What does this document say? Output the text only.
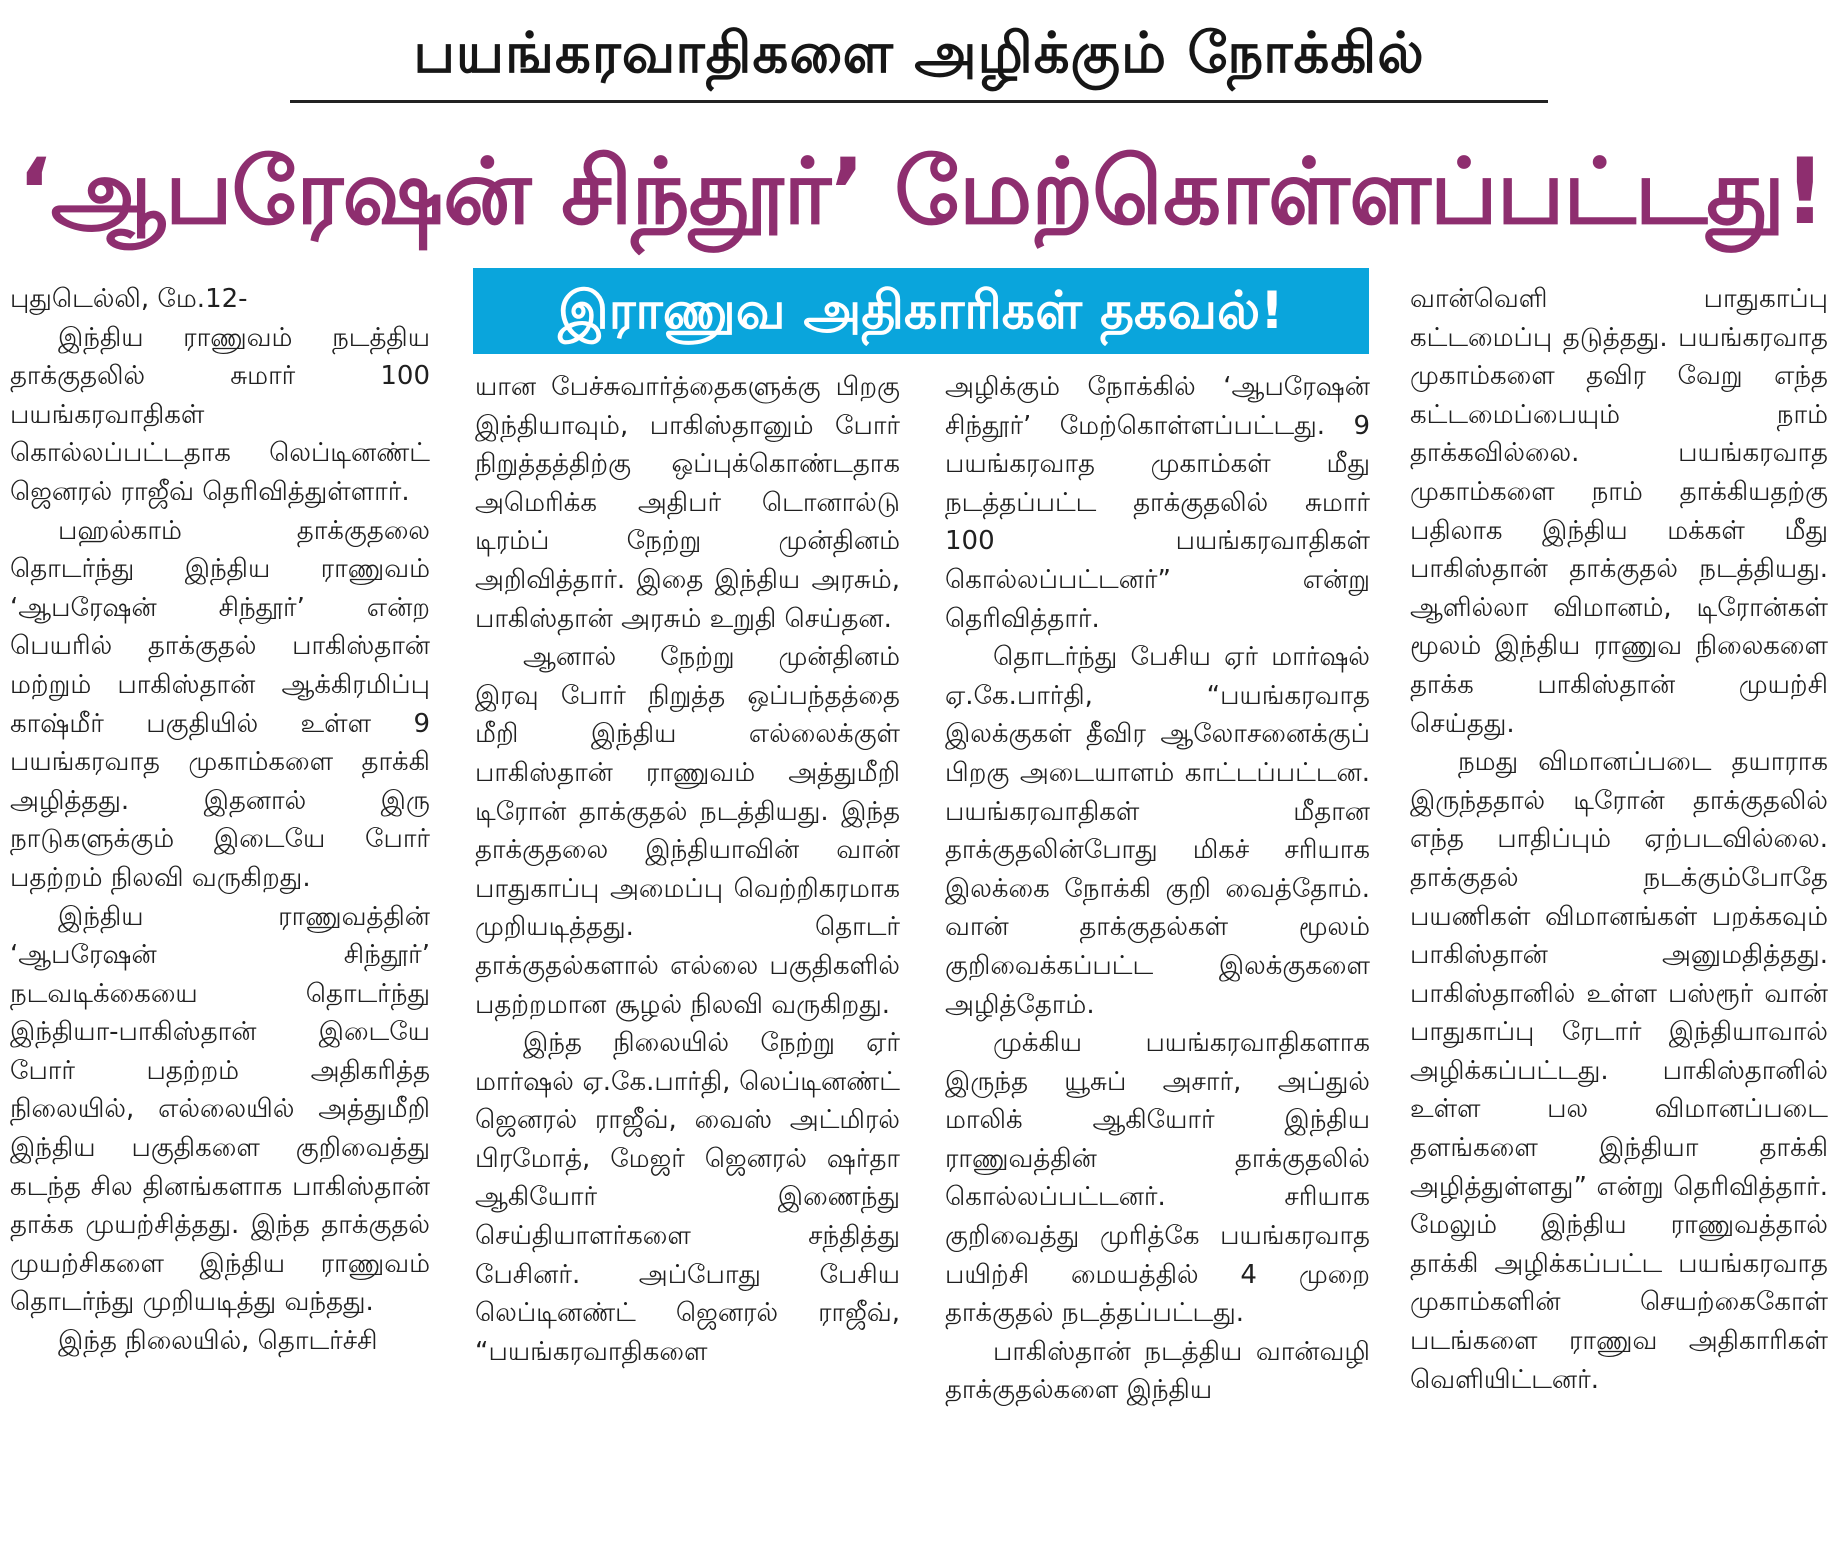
பயங்கரவாதிகளை அழிக்கும் நோக்கில்
‘ஆபரேஷன் சிந்தூர்’ மேற்கொள்ளப்பட்டது!
இராணுவ அதிகாரிகள் தகவல்!

புதுடெல்லி, மே.12-

இந்திய ராணுவம் நடத்திய தாக்குதலில் சுமார் 100 பயங்கரவாதிகள் கொல்லப்பட்டதாக லெப்டினண்ட் ஜெனரல் ராஜீவ் தெரிவித்துள்ளார்.

பஹல்காம் தாக்குதலை தொடர்ந்து இந்திய ராணுவம் ‘ஆபரேஷன் சிந்தூர்’ என்ற பெயரில் தாக்குதல் பாகிஸ்தான் மற்றும் பாகிஸ்தான் ஆக்கிரமிப்பு காஷ்மீர் பகுதியில் உள்ள 9 பயங்கரவாத முகாம்களை தாக்கி அழித்தது. இதனால் இரு நாடுகளுக்கும் இடையே போர் பதற்றம் நிலவி வருகிறது.

இந்திய ராணுவத்தின் ‘ஆபரேஷன் சிந்தூர்’ நடவடிக்கையை தொடர்ந்து இந்தியா-பாகிஸ்தான் இடையே போர் பதற்றம் அதிகரித்த நிலையில், எல்லையில் அத்துமீறி இந்திய பகுதிகளை குறிவைத்து கடந்த சில தினங்களாக பாகிஸ்தான் தாக்க முயற்சித்தது. இந்த தாக்குதல் முயற்சிகளை இந்திய ராணுவம் தொடர்ந்து முறியடித்து வந்தது.

இந்த நிலையில், தொடர்ச்சி

யான பேச்சுவார்த்தைகளுக்கு பிறகு இந்தியாவும், பாகிஸ்தானும் போர் நிறுத்தத்திற்கு ஒப்புக்கொண்டதாக அமெரிக்க அதிபர் டொனால்டு டிரம்ப் நேற்று முன்தினம் அறிவித்தார். இதை இந்திய அரசும், பாகிஸ்தான் அரசும் உறுதி செய்தன.

ஆனால் நேற்று முன்தினம் இரவு போர் நிறுத்த ஒப்பந்தத்தை மீறி இந்திய எல்லைக்குள் பாகிஸ்தான் ராணுவம் அத்துமீறி டிரோன் தாக்குதல் நடத்தியது. இந்த தாக்குதலை இந்தியாவின் வான் பாதுகாப்பு அமைப்பு வெற்றிகரமாக முறியடித்தது. தொடர் தாக்குதல்களால் எல்லை பகுதிகளில் பதற்றமான சூழல் நிலவி வருகிறது.

இந்த நிலையில் நேற்று ஏர் மார்ஷல் ஏ.கே.பார்தி, லெப்டினண்ட் ஜெனரல் ராஜீவ், வைஸ் அட்மிரல் பிரமோத், மேஜர் ஜெனரல் ஷர்தா ஆகியோர் இணைந்து செய்தியாளர்களை சந்தித்து பேசினர். அப்போது பேசிய லெப்டினண்ட் ஜெனரல் ராஜீவ், “பயங்கரவாதிகளை

அழிக்கும் நோக்கில் ‘ஆபரேஷன் சிந்தூர்’ மேற்கொள்ளப்பட்டது. 9 பயங்கரவாத முகாம்கள் மீது நடத்தப்பட்ட தாக்குதலில் சுமார் 100 பயங்கரவாதிகள் கொல்லப்பட்டனர்” என்று தெரிவித்தார்.

தொடர்ந்து பேசிய ஏர் மார்ஷல் ஏ.கே.பார்தி, “பயங்கரவாத இலக்குகள் தீவிர ஆலோசனைக்குப் பிறகு அடையாளம் காட்டப்பட்டன. பயங்கரவாதிகள் மீதான தாக்குதலின்போது மிகச் சரியாக இலக்கை நோக்கி குறி வைத்தோம். வான் தாக்குதல்கள் மூலம் குறிவைக்கப்பட்ட இலக்குகளை அழித்தோம்.

முக்கிய பயங்கரவாதிகளாக இருந்த யூசுப் அசார், அப்துல் மாலிக் ஆகியோர் இந்திய ராணுவத்தின் தாக்குதலில் கொல்லப்பட்டனர். சரியாக குறிவைத்து முரித்கே பயங்கரவாத பயிற்சி மையத்தில் 4 முறை தாக்குதல் நடத்தப்பட்டது.

பாகிஸ்தான் நடத்திய வான்வழி தாக்குதல்களை இந்திய

வான்வெளி பாதுகாப்பு கட்டமைப்பு தடுத்தது. பயங்கரவாத முகாம்களை தவிர வேறு எந்த கட்டமைப்பையும் நாம் தாக்கவில்லை. பயங்கரவாத முகாம்களை நாம் தாக்கியதற்கு பதிலாக இந்திய மக்கள் மீது பாகிஸ்தான் தாக்குதல் நடத்தியது. ஆளில்லா விமானம், டிரோன்கள் மூலம் இந்திய ராணுவ நிலைகளை தாக்க பாகிஸ்தான் முயற்சி செய்தது.

நமது விமானப்படை தயாராக இருந்ததால் டிரோன் தாக்குதலில் எந்த பாதிப்பும் ஏற்படவில்லை. தாக்குதல் நடக்கும்போதே பயணிகள் விமானங்கள் பறக்கவும் பாகிஸ்தான் அனுமதித்தது. பாகிஸ்தானில் உள்ள பஸ்ரூர் வான் பாதுகாப்பு ரேடார் இந்தியாவால் அழிக்கப்பட்டது. பாகிஸ்தானில் உள்ள பல விமானப்படை தளங்களை இந்தியா தாக்கி அழித்துள்ளது” என்று தெரிவித்தார். மேலும் இந்திய ராணுவத்தால் தாக்கி அழிக்கப்பட்ட பயங்கரவாத முகாம்களின் செயற்கைகோள் படங்களை ராணுவ அதிகாரிகள் வெளியிட்டனர்.
